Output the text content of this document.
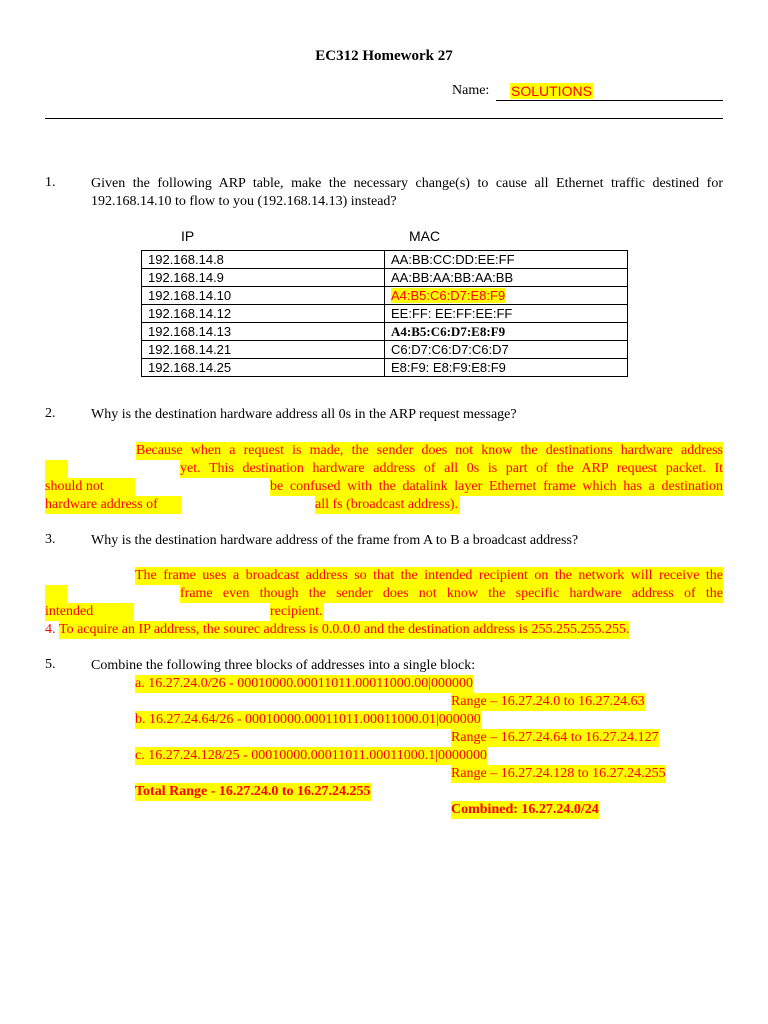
EC312 Homework 27
Name: SOLUTIONS
1.	Given the following ARP table, make the necessary change(s) to cause all Ethernet traffic destined for 192.168.14.10 to flow to you (192.168.14.13) instead?
IP	MAC
192.168.14.8	AA:BB:CC:DD:EE:FF
192.168.14.9	AA:BB:AA:BB:AA:BB
192.168.14.10	A4:B5:C6:D7:E8:F9
192.168.14.12	EE:FF: EE:FF:EE:FF
192.168.14.13	A4:B5:C6:D7:E8:F9
192.168.14.21	C6:D7:C6:D7:C6:D7
192.168.14.25	E8:F9: E8:F9:E8:F9
2.	Why is the destination hardware address all 0s in the ARP request message?
Because when a request is made, the sender does not know the destinations hardware address
yet. This destination hardware address of all 0s is part of the ARP request packet. It
should not	be confused with the datalink layer Ethernet frame which has a destination
hardware address of	all fs (broadcast address).
3.	Why is the destination hardware address of the frame from A to B a broadcast address?
The frame uses a broadcast address so that the intended recipient on the network will receive the
frame even though the sender does not know the specific hardware address of the
intended	recipient.
4. To acquire an IP address, the sourec address is 0.0.0.0 and the destination address is 255.255.255.255.
5.	Combine the following three blocks of addresses into a single block:
a. 16.27.24.0/26 - 00010000.00011011.00011000.00|000000
Range – 16.27.24.0 to 16.27.24.63
b. 16.27.24.64/26 - 00010000.00011011.00011000.01|000000
Range – 16.27.24.64 to 16.27.24.127
c. 16.27.24.128/25 - 00010000.00011011.00011000.1|0000000
Range – 16.27.24.128 to 16.27.24.255
Total Range - 16.27.24.0 to 16.27.24.255
Combined: 16.27.24.0/24
